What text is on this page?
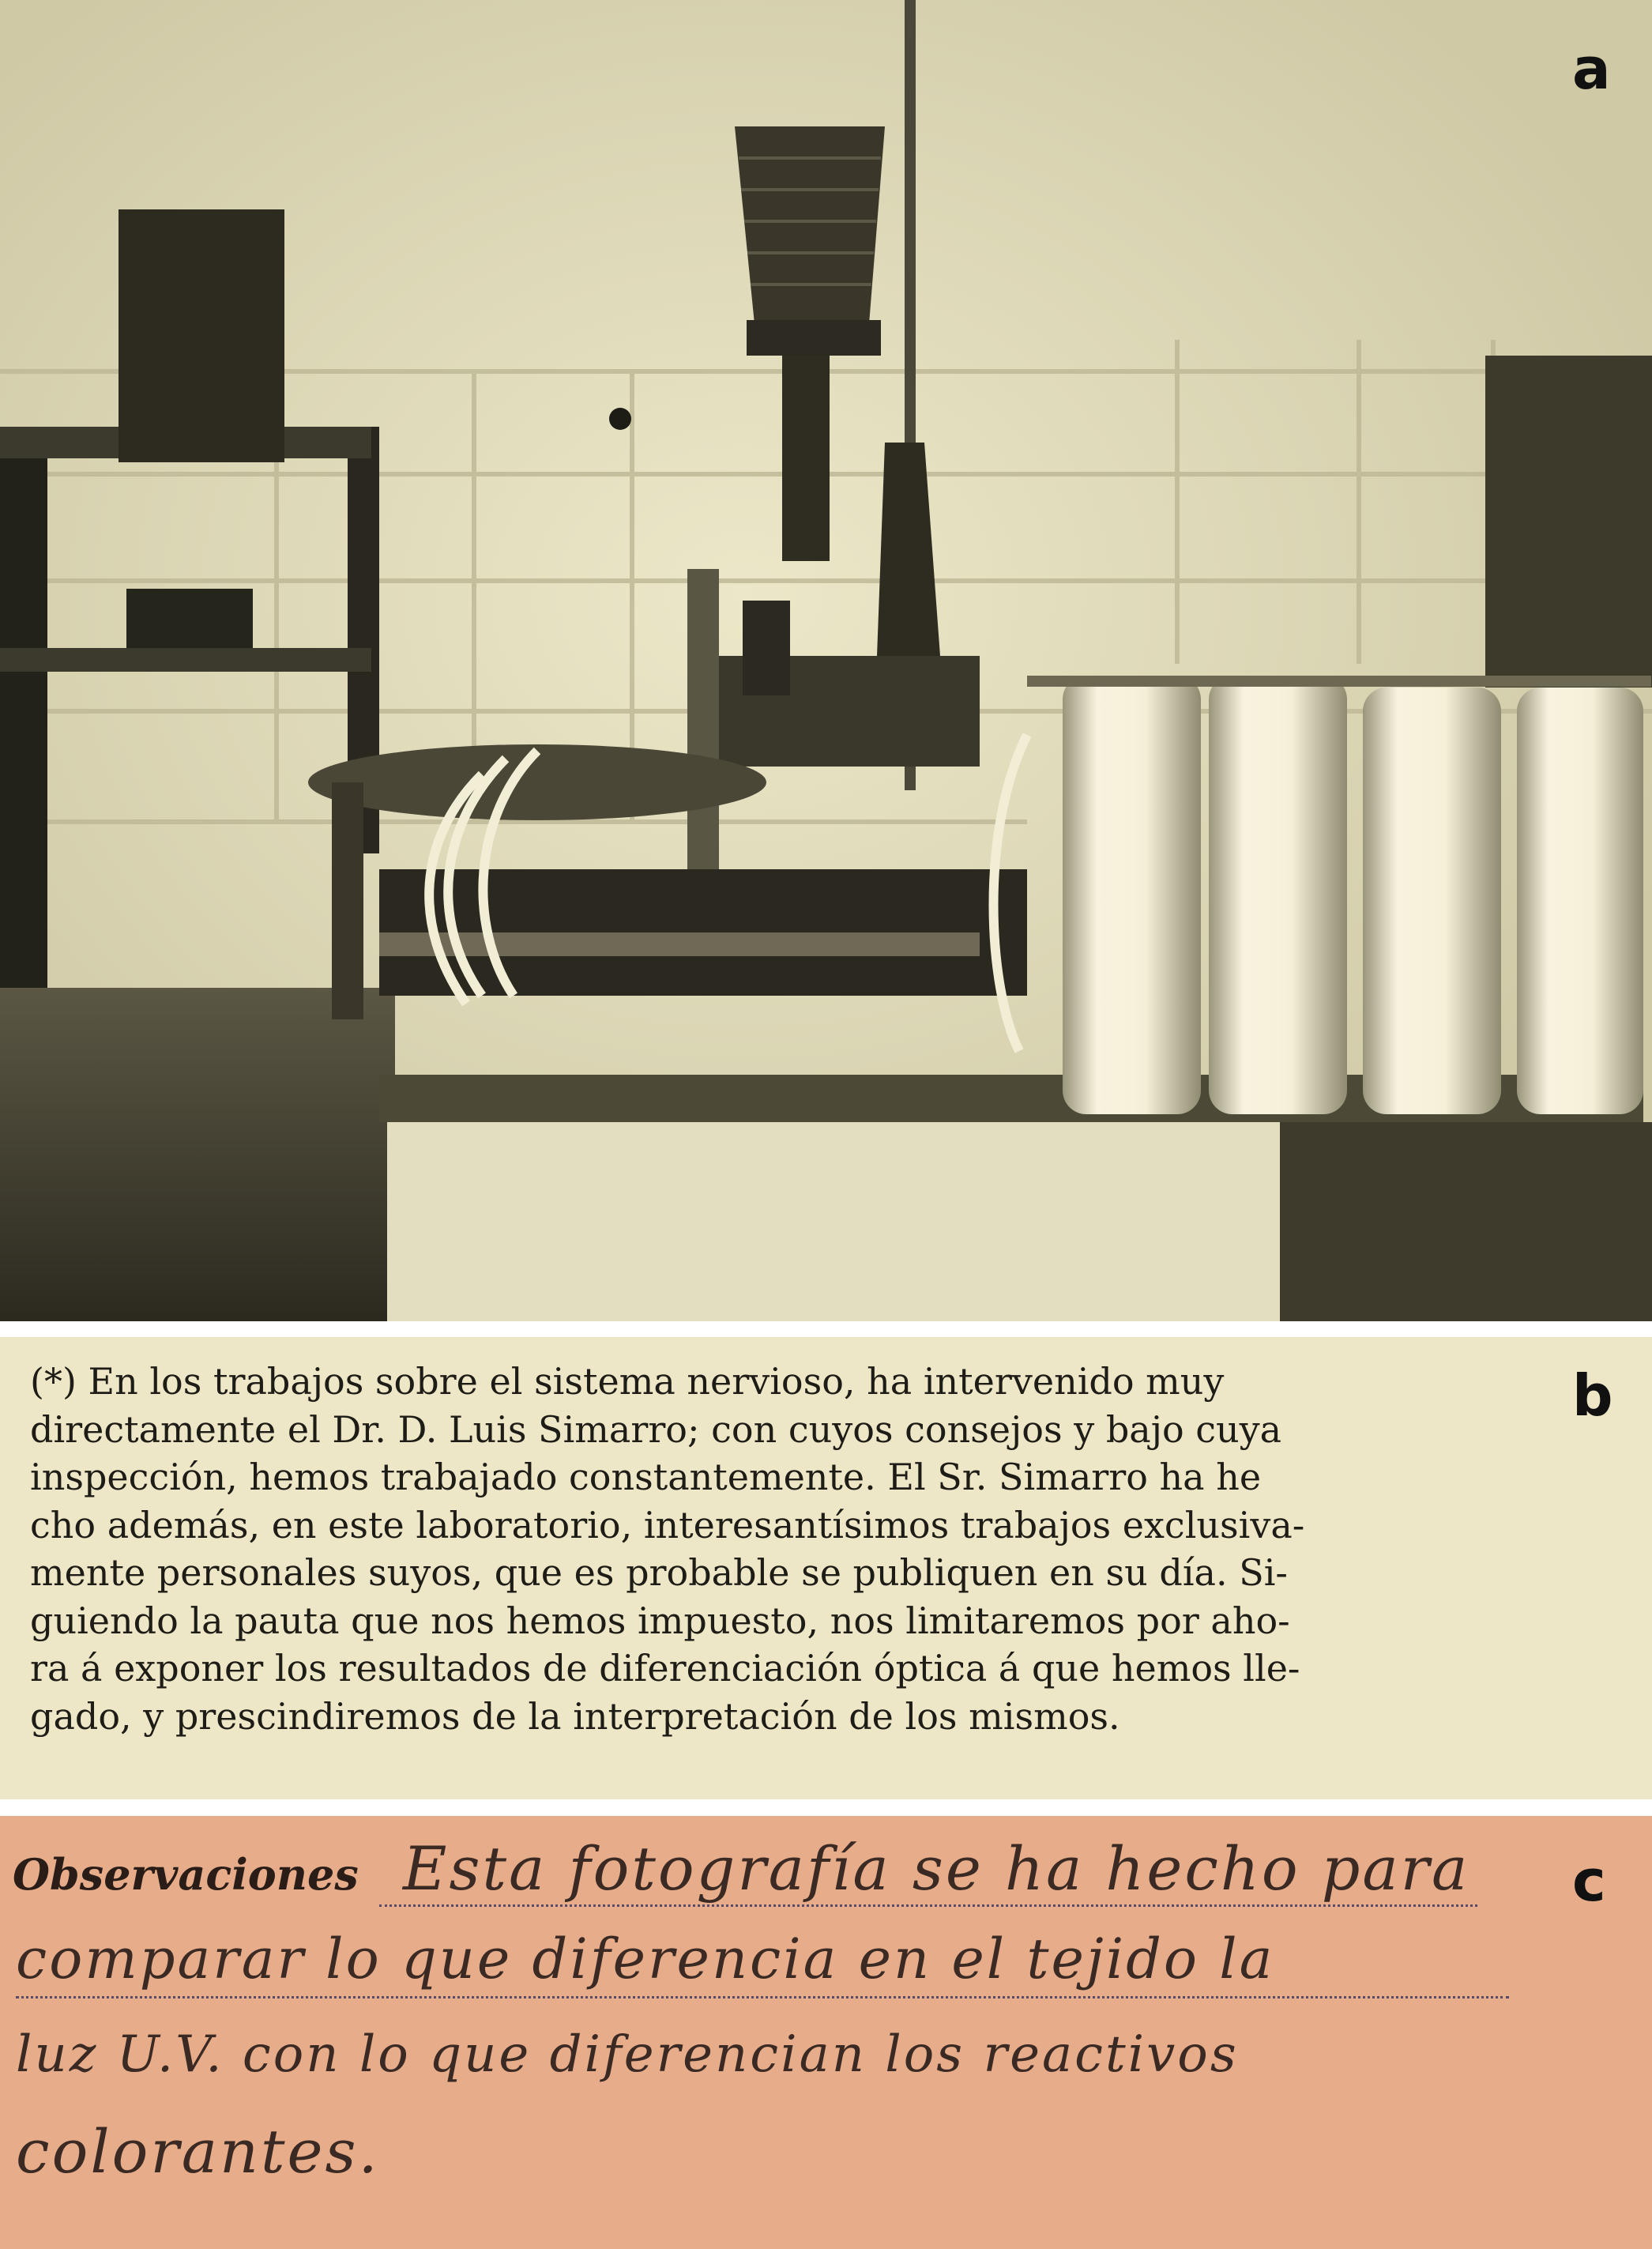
a
(*) En los trabajos sobre el sistema nervioso, ha intervenido muy
directamente el Dr. D. Luis Simarro; con cuyos consejos y bajo cuya
inspección, hemos trabajado constantemente. El Sr. Simarro ha he
cho además, en este laboratorio, interesantísimos trabajos exclusiva-
mente personales suyos, que es probable se publiquen en su día. Si-
guiendo la pauta que nos hemos impuesto, nos limitaremos por aho-
ra á exponer los resultados de diferenciación óptica á que hemos lle-
gado, y prescindiremos de la interpretación de los mismos.
b
Observaciones Esta fotografía se ha hecho para
comparar lo que diferencia en el tejido la
luz U.V. con lo que diferencian los reactivos
colorantes.
c
